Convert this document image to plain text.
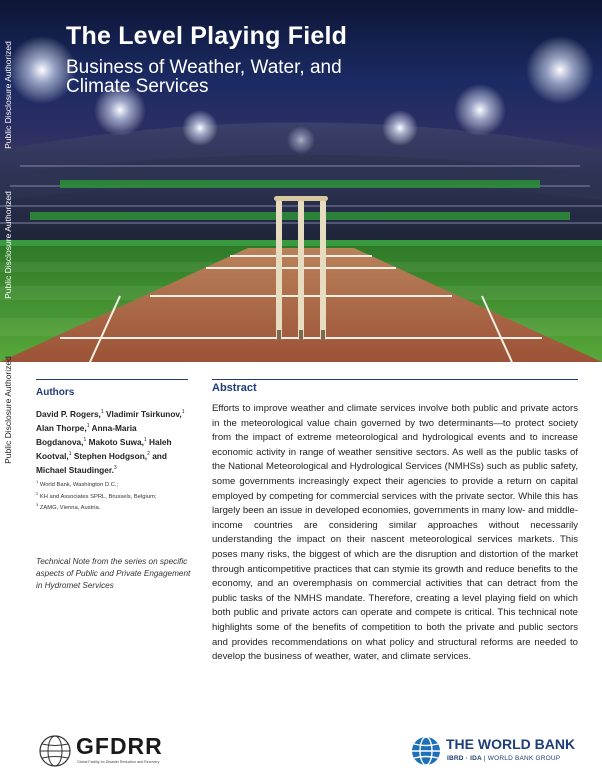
The Level Playing Field
Business of Weather, Water, and Climate Services
Public Disclosure Authorized
Public Disclosure Authorized
Public Disclosure Authorized Authors
David P. Rogers,$^1$ Vladimir Tsirkunov,$^1$ Alan Thorpe,$^1$ Anna-Maria Bogdanova,$^1$ Makoto Suwa,$^1$ Haleh Kootval,$^1$ Stephen Hodgson,$^2$ and Michael Staudinger.$^3$
$^1$ World Bank, Washington D.C.;
$^2$ KH and Associates SPRL, Brussels, Belgium;
$^3$ ZAMG, Vienna, Austria.
Technical Note from the series on specific aspects of Public and Private Engagement in Hydromet Services
Abstract
Efforts to improve weather and climate services involve both public and private actors in the meteorological value chain governed by two determinants—to protect society from the impact of extreme meteorological and hydrological events and to increase economic activity in range of weather sensitive sectors. As well as the public tasks of the National Meteorological and Hydrological Services (NMHSs) such as public safety, some governments increasingly expect their agencies to provide a return on capital employed by competing for commercial services with the private sector. While this has largely been an issue in developed economies, governments in many low- and middle-income countries are considering similar approaches without necessarily understanding the impact on their nascent meteorological services markets. This poses many risks, the biggest of which are the disruption and distortion of the market through anticompetitive practices that can stymie its growth and reduce benefits to the economy, and an overemphasis on commercial activities that can detract from the public tasks of the NMHS mandate. Therefore, creating a level playing field on which both public and private actors can operate and compete is critical. This technical note highlights some of the benefits of competition to both the private and public sectors and provides recommendations on what policy and structural reforms are needed to develop the business of weather, water, and climate services.
GFDRR
Global Facility for Disaster Reduction and Recovery
THE WORLD BANK
IBRD · IDA | WORLD BANK GROUP
